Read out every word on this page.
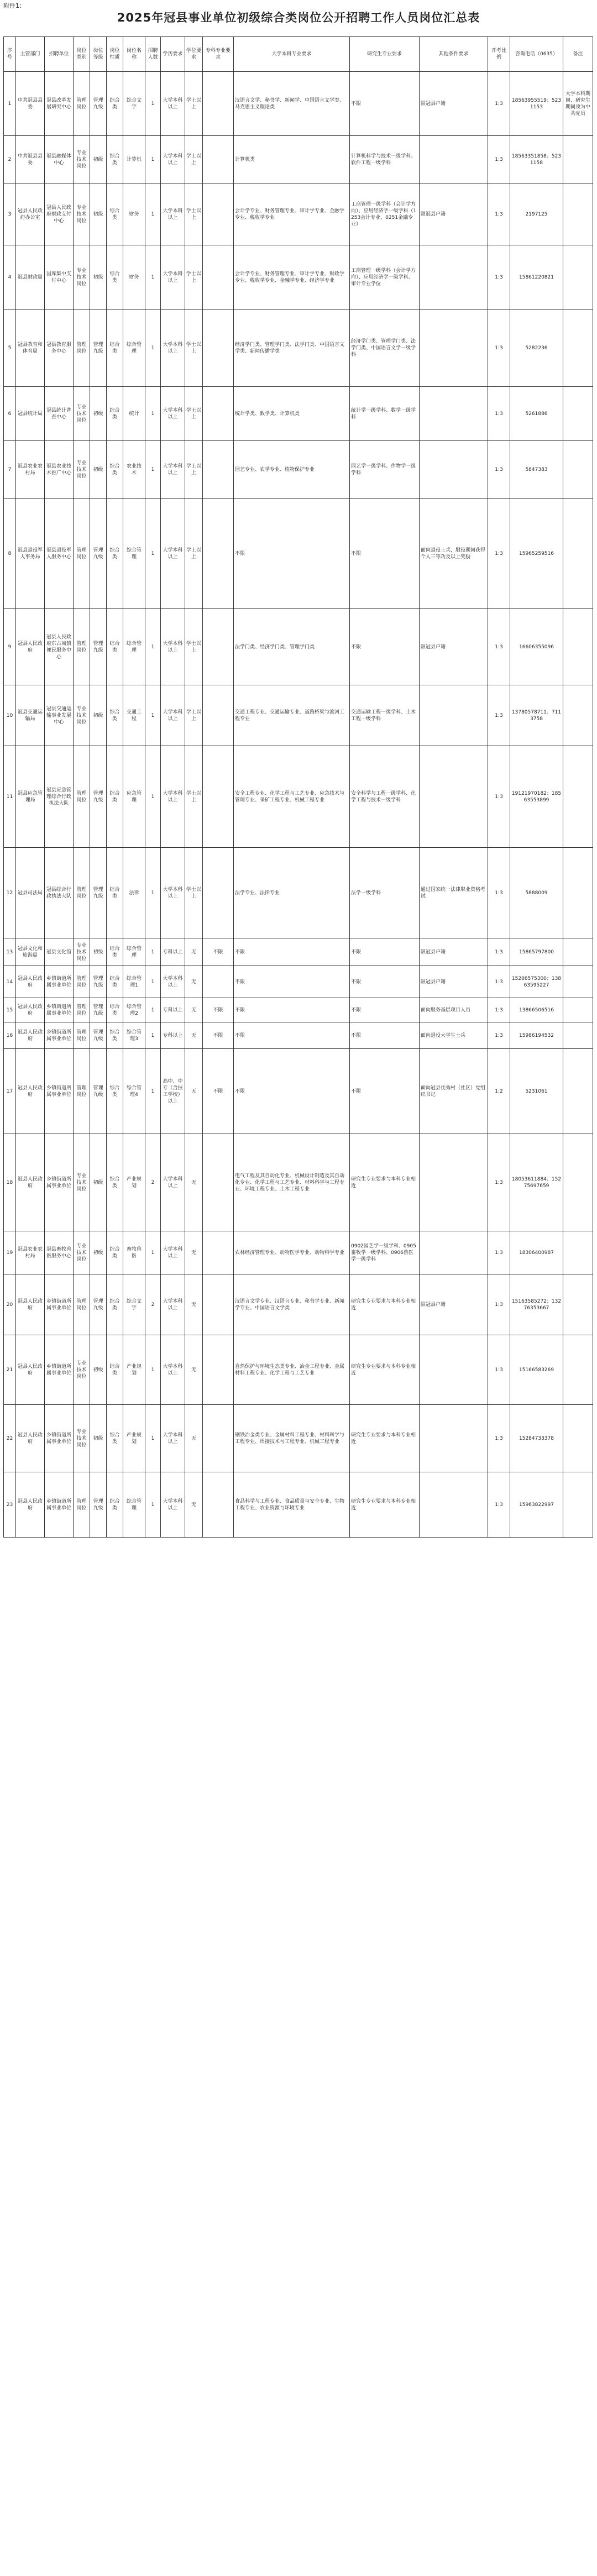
附件1：
2025年冠县事业单位初级综合类岗位公开招聘工作人员岗位汇总表
序号	主管部门	招聘单位	岗位类别	岗位等级	岗位性质	岗位名称	招聘人数	学历要求	学位要求	专科专业要求	大学本科专业要求	研究生专业要求	其他条件要求	开考比例	咨询电话（0635）	备注
1	中共冠县县委	冠县改革发展研究中心	管理岗位	管理九级	综合类	综合文字	1	大学本科以上	学士以上		汉语言文学、秘书学、新闻学、中国语言文学类、马克思主义理论类	不限	限冠县户籍	1:3	18563955519；5231153	大学本科期间、研究生期间须为中共党员
2	中共冠县县委	冠县融媒体中心	专业技术岗位	初级	综合类	计算机	1	大学本科以上	学士以上		计算机类	计算机科学与技术一级学科；软件工程一级学科		1:3	18563351858；5231158	
3	冠县人民政府办公室	冠县人民政府财政支付中心	专业技术岗位	初级	综合类	财务	1	大学本科以上	学士以上		会计学专业、财务管理专业、审计学专业、金融学专业、税收学专业	工商管理一级学科（会计学方向）、应用经济学一级学科（1253会计专业、0251金融专业）	限冠县户籍	1:3	2197125	
4	冠县财政局	国库集中支付中心	专业技术岗位	初级	综合类	财务	1	大学本科以上	学士以上		会计学专业、财务管理专业、审计学专业、财政学专业、税收学专业、金融学专业、经济学专业	工商管理一级学科（会计学方向）、应用经济学一级学科、审计专业学位		1:3	15861220821	
5	冠县教育和体育局	冠县教育服务中心	管理岗位	管理九级	综合类	综合管理	1	大学本科以上	学士以上		经济学门类、管理学门类、法学门类、中国语言文学类、新闻传播学类	经济学门类、管理学门类、法学门类、中国语言文学一级学科		1:3	5282236	
6	冠县统计局	冠县统计普查中心	专业技术岗位	初级	综合类	统计	1	大学本科以上	学士以上		统计学类、数学类、计算机类	统计学一级学科、数学一级学科		1:3	5261886	
7	冠县农业农村局	冠县农业技术推广中心	专业技术岗位	初级	综合类	农业技术	1	大学本科以上	学士以上		园艺专业、农学专业、植物保护专业	园艺学一级学科、作物学一级学科		1:3	5847383	
8	冠县退役军人事务局	冠县退役军人服务中心	管理岗位	管理九级	综合类	综合管理	1	大学本科以上	学士以上		不限	不限	面向退役士兵，服役期间获得个人三等功及以上奖励	1:3	15965259516	
9	冠县人民政府	冠县人民政府东古城镇便民服务中心	管理岗位	管理九级	综合类	综合管理	1	大学本科以上	学士以上		法学门类、经济学门类、管理学门类	不限	限冠县户籍	1:3	16606355096	
10	冠县交通运输局	冠县交通运输事业发展中心	专业技术岗位	初级	综合类	交通工程	1	大学本科以上	学士以上		交通工程专业、交通运输专业、道路桥梁与渡河工程专业	交通运输工程一级学科、土木工程一级学科		1:3	13780578711；7113758	
11	冠县应急管理局	冠县应急管理综合行政执法大队	管理岗位	管理九级	综合类	应急管理	1	大学本科以上	学士以上		安全工程专业、化学工程与工艺专业、应急技术与管理专业、采矿工程专业、机械工程专业	安全科学与工程一级学科、化学工程与技术一级学科		1:3	19121970182；18563553899	
12	冠县司法局	冠县综合行政执法大队	管理岗位	管理九级	综合类	法律	1	大学本科以上	学士以上		法学专业、法律专业	法学一级学科	通过国家统一法律职业资格考试	1:3	5888009	
13	冠县文化和旅游局	冠县文化馆	专业技术岗位	初级	综合类	综合管理	1	专科以上	无	不限	不限	不限	限冠县户籍	1:3	15865797800	
14	冠县人民政府	乡镇街道所属事业单位	管理岗位	管理九级	综合类	综合管理1	1	大学本科以上	无		不限	不限	限冠县户籍	1:3	15206575300；13863595227	
15	冠县人民政府	乡镇街道所属事业单位	管理岗位	管理九级	综合类	综合管理2	1	专科以上	无	不限	不限	不限	面向服务基层项目人员	1:3	13866506516	
16	冠县人民政府	乡镇街道所属事业单位	管理岗位	管理九级	综合类	综合管理3	1	专科以上	无	不限	不限	不限	面向退役大学生士兵	1:3	15986194532	
17	冠县人民政府	乡镇街道所属事业单位	管理岗位	管理九级	综合类	综合管理4	1	高中、中专（含技工学校）以上	无	不限	不限	不限	面向冠县优秀村（社区）党组织书记	1:2	5231061	
18	冠县人民政府	乡镇街道所属事业单位	专业技术岗位	初级	综合类	产业规划	2	大学本科以上	无		电气工程及其自动化专业、机械设计制造及其自动化专业、化学工程与工艺专业、材料科学与工程专业、环境工程专业、土木工程专业	研究生专业要求与本科专业相近		1:3	18053611884；15275697659	
19	冠县农业农村局	冠县畜牧兽医服务中心	专业技术岗位	初级	综合类	畜牧兽医	1	大学本科以上	无		农林经济管理专业、动物医学专业、动物科学专业	0902园艺学一级学科、0905畜牧学一级学科、0906兽医学一级学科		1:3	18306400987	
20	冠县人民政府	乡镇街道所属事业单位	管理岗位	管理九级	综合类	综合文字	2	大学本科以上	无		汉语言文学专业、汉语言专业、秘书学专业、新闻学专业、中国语言文学类	研究生专业要求与本科专业相近	限冠县户籍	1:3	15163585272；13276353667	
21	冠县人民政府	乡镇街道所属事业单位	专业技术岗位	初级	综合类	产业规划	1	大学本科以上	无		自然保护与环境生态类专业、冶金工程专业、金属材料工程专业、化学工程与工艺专业	研究生专业要求与本科专业相近		1:3	15166583269	
22	冠县人民政府	乡镇街道所属事业单位	专业技术岗位	初级	综合类	产业规划	1	大学本科以上	无		钢铁冶金类专业、金属材料工程专业、材料科学与工程专业、焊接技术与工程专业、机械工程专业	研究生专业要求与本科专业相近		1:3	15284733378	
23	冠县人民政府	乡镇街道所属事业单位	管理岗位	管理九级	综合类	综合管理	1	大学本科以上	无		食品科学与工程专业、食品质量与安全专业、生物工程专业、农业资源与环境专业	研究生专业要求与本科专业相近		1:3	15963822997	
